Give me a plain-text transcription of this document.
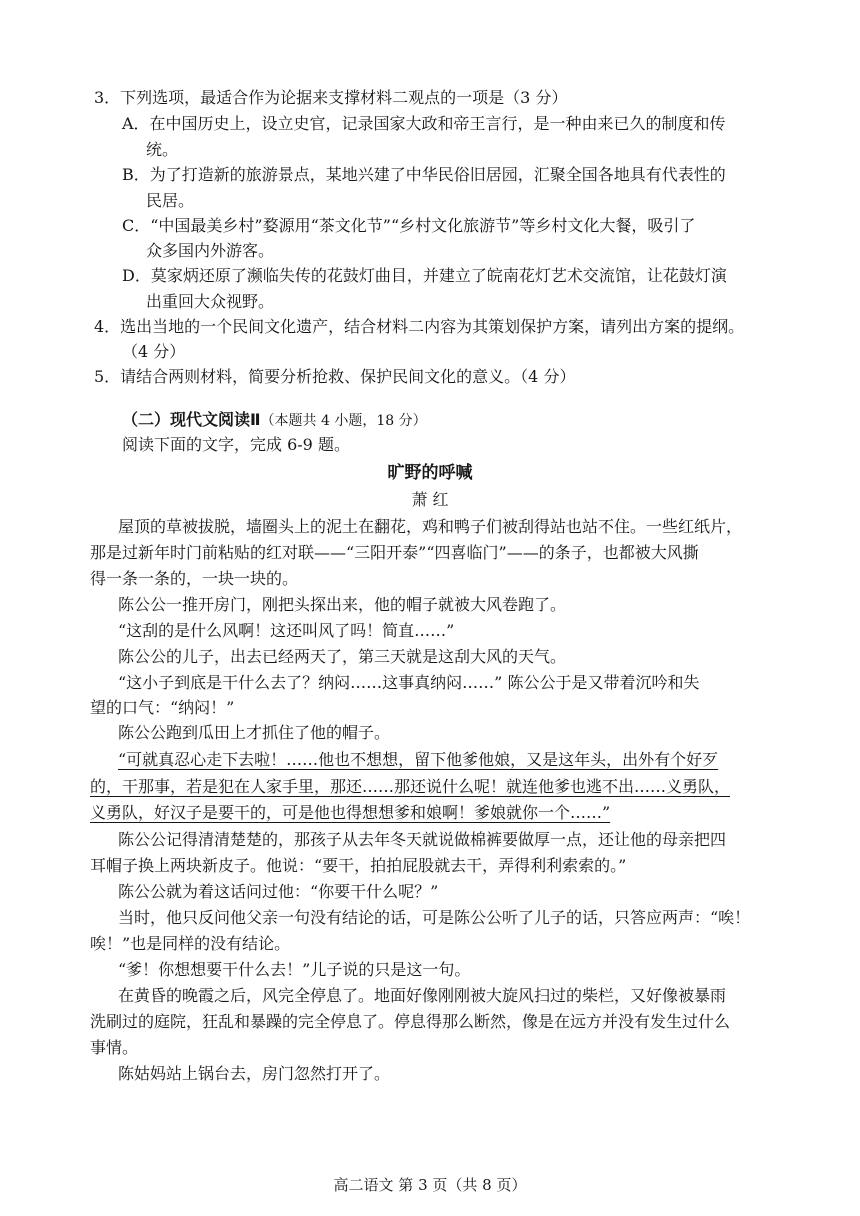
3．下列选项，最适合作为论据来支撑材料二观点的一项是（3 分）
A．在中国历史上，设立史官，记录国家大政和帝王言行，是一种由来已久的制度和传
统。
B．为了打造新的旅游景点，某地兴建了中华民俗旧居园，汇聚全国各地具有代表性的
民居。
C．“中国最美乡村”婺源用“茶文化节”“乡村文化旅游节”等乡村文化大餐，吸引了
众多国内外游客。
D．莫家炳还原了濒临失传的花鼓灯曲目，并建立了皖南花灯艺术交流馆，让花鼓灯演
出重回大众视野。
4．选出当地的一个民间文化遗产，结合材料二内容为其策划保护方案，请列出方案的提纲。
（4 分）
5．请结合两则材料，简要分析抢救、保护民间文化的意义。（4 分）
（二）现代文阅读Ⅱ（本题共 4 小题，18 分）
阅读下面的文字，完成 6-9 题。
旷野的呼喊
萧 红
屋顶的草被拔脱，墙圈头上的泥土在翻花，鸡和鸭子们被刮得站也站不住。一些红纸片，
那是过新年时门前粘贴的红对联——“三阳开泰”“四喜临门”——的条子，也都被大风撕
得一条一条的，一块一块的。
陈公公一推开房门，刚把头探出来，他的帽子就被大风卷跑了。
“这刮的是什么风啊！这还叫风了吗！简直……”
陈公公的儿子，出去已经两天了，第三天就是这刮大风的天气。
“这小子到底是干什么去了？纳闷……这事真纳闷……” 陈公公于是又带着沉吟和失
望的口气：“纳闷！”
陈公公跑到瓜田上才抓住了他的帽子。
“可就真忍心走下去啦！……他也不想想，留下他爹他娘，又是这年头，出外有个好歹
的，干那事，若是犯在人家手里，那还……那还说什么呢！就连他爹也逃不出……义勇队，
义勇队，好汉子是要干的，可是他也得想想爹和娘啊！爹娘就你一个……”
陈公公记得清清楚楚的，那孩子从去年冬天就说做棉裤要做厚一点，还让他的母亲把四
耳帽子换上两块新皮子。他说：“要干，拍拍屁股就去干，弄得利利索索的。”
陈公公就为着这话问过他：“你要干什么呢？”
当时，他只反问他父亲一句没有结论的话，可是陈公公听了儿子的话，只答应两声：“唉！
唉！”也是同样的没有结论。
“爹！你想想要干什么去！”儿子说的只是这一句。
在黄昏的晚霞之后，风完全停息了。地面好像刚刚被大旋风扫过的柴栏，又好像被暴雨
洗刷过的庭院，狂乱和暴躁的完全停息了。停息得那么断然，像是在远方并没有发生过什么
事情。
陈姑妈站上锅台去，房门忽然打开了。
高二语文 第 3 页（共 8 页）
